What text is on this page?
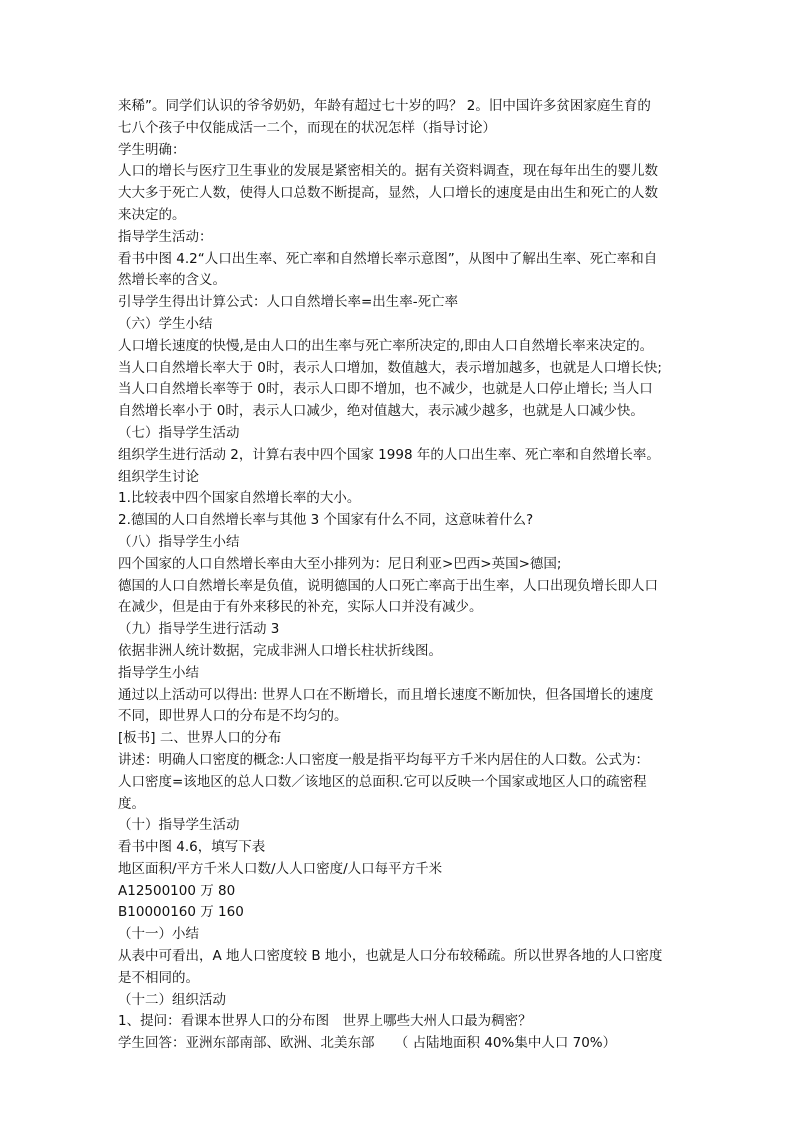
来稀”。同学们认识的爷爷奶奶，年龄有超过七十岁的吗？ 2。旧中国许多贫困家庭生育的
七八个孩子中仅能成活一二个，而现在的状况怎样（指导讨论）
学生明确：
人口的增长与医疗卫生事业的发展是紧密相关的。据有关资料调查，现在每年出生的婴儿数
大大多于死亡人数，使得人口总数不断提高，显然，人口增长的速度是由出生和死亡的人数
来决定的。
指导学生活动：
看书中图 4.2“人口出生率、死亡率和自然增长率示意图”，从图中了解出生率、死亡率和自
然增长率的含义。
引导学生得出计算公式：人口自然增长率=出生率-死亡率
（六）学生小结
人口增长速度的快慢,是由人口的出生率与死亡率所决定的,即由人口自然增长率来决定的。
当人口自然增长率大于 0时，表示人口增加，数值越大，表示增加越多，也就是人口增长快;
当人口自然增长率等于 0时，表示人口即不增加，也不减少，也就是人口停止增长; 当人口
自然增长率小于 0时，表示人口减少，绝对值越大，表示减少越多，也就是人口减少快。
（七）指导学生活动
组织学生进行活动 2，计算右表中四个国家 1998 年的人口出生率、死亡率和自然增长率。
组织学生讨论
1.比较表中四个国家自然增长率的大小。
2.德国的人口自然增长率与其他 3 个国家有什么不同，这意味着什么?
（八）指导学生小结
四个国家的人口自然增长率由大至小排列为：尼日利亚>巴西>英国>德国;
德国的人口自然增长率是负值，说明德国的人口死亡率高于出生率，人口出现负增长即人口
在减少，但是由于有外来移民的补充，实际人口并没有减少。
（九）指导学生进行活动 3
依据非洲人统计数据，完成非洲人口增长柱状折线图。
指导学生小结
通过以上活动可以得出: 世界人口在不断增长，而且增长速度不断加快，但各国增长的速度
不同，即世界人口的分布是不均匀的。
[板书] 二、世界人口的分布
讲述：明确人口密度的概念:人口密度一般是指平均每平方千米内居住的人口数。公式为：
人口密度=该地区的总人口数／该地区的总面积.它可以反映一个国家或地区人口的疏密程
度。
（十）指导学生活动
看书中图 4.6，填写下表
地区面积/平方千米人口数/人人口密度/人口每平方千米
A12500100 万 80
B10000160 万 160
（十一）小结
从表中可看出，A 地人口密度较 B 地小，也就是人口分布较稀疏。所以世界各地的人口密度
是不相同的。
（十二）组织活动
1、提问：看课本世界人口的分布图　世界上哪些大州人口最为稠密？
学生回答：亚洲东部南部、欧洲、北美东部　　（ 占陆地面积 40%集中人口 70%）
